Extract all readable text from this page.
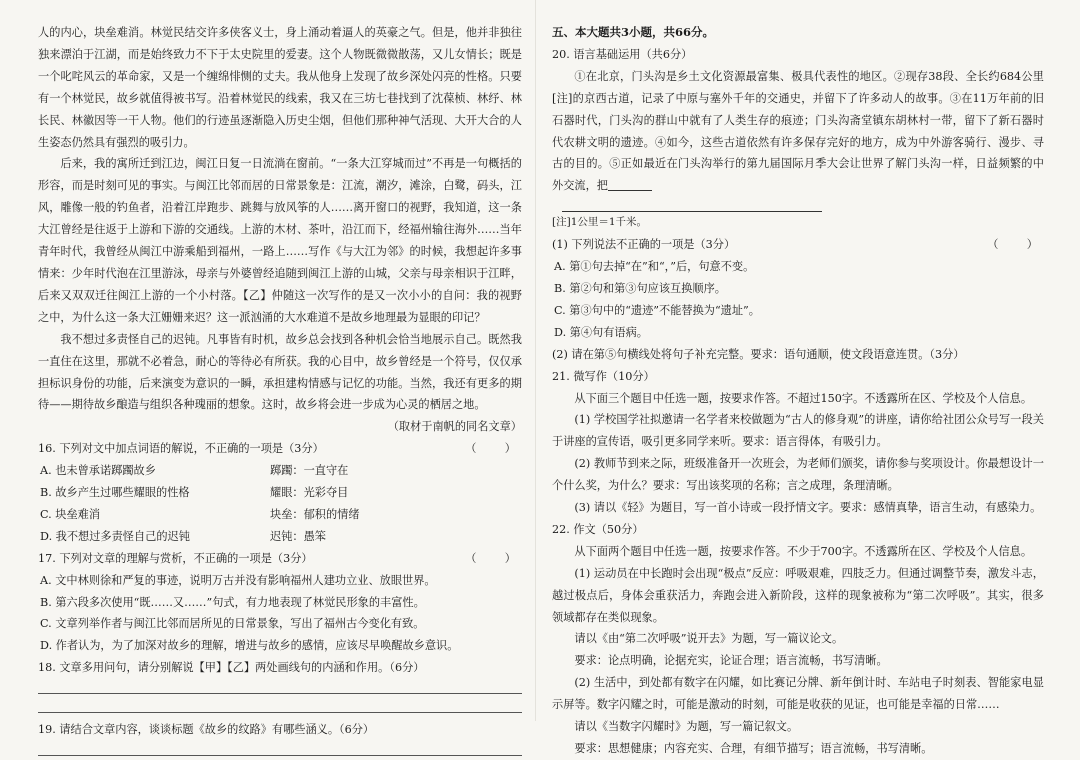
人的内心，块垒难消。林觉民结交许多侠客义士，身上涌动着逼人的英豪之气。但是，他并非独往独来漂泊于江湖，而是始终致力不下于太史院里的爱妻。这个人物既微微散荡，又儿女情长；既是一个叱咤风云的革命家，又是一个缠绵悱恻的丈夫。我从他身上发现了故乡深处闪亮的性格。只要有一个林觉民，故乡就值得被书写。沿着林觉民的线索，我又在三坊七巷找到了沈葆桢、林纾、林长民、林徽因等一干人物。他们的行迹虽逐渐隐入历史尘烟，但他们那种神气活现、大开大合的人生姿态仍然具有强烈的吸引力。

后来，我的寓所迁到江边，闽江日复一日流淌在窗前。“一条大江穿城而过”不再是一句概括的形容，而是时刻可见的事实。与闽江比邻而居的日常景象是：江流，潮汐，滩涂，白鹭，码头，江风，雕像一般的钓鱼者，沿着江岸跑步、跳舞与放风筝的人……离开窗口的视野，我知道，这一条大江曾经是往返于上游和下游的交通线。上游的木材、茶叶，沿江而下，经福州输往海外……当年青年时代，我曾经从闽江中游乘船到福州，一路上……写作《与大江为邻》的时候，我想起许多事情来：少年时代泡在江里游泳，母亲与外婆曾经追随到闽江上游的山城，父亲与母亲相识于江畔，后来又双双迁往闽江上游的一个小村落。【乙】仲随这一次写作的是又一次小小的自问：我的视野之中，为什么这一条大江姗姗来迟？这一派汹涌的大水难道不是故乡地理最为显眼的印记？

我不想过多责怪自己的迟钝。凡事皆有时机，故乡总会找到各种机会恰当地展示自己。既然我一直住在这里，那就不必着急，耐心的等待必有所获。我的心目中，故乡曾经是一个符号，仅仅承担标识身份的功能，后来演变为意识的一瞬，承担建构情感与记忆的功能。当然，我还有更多的期待——期待故乡酿造与组织各种瑰丽的想象。这时，故乡将会进一步成为心灵的栖居之地。

（取材于南帆的同名文章）

16. 下列对文中加点词语的解说，不正确的一项是（3分）	（　　）
A. 也未曾承诺踯躅故乡	踯躅：一直守在
B. 故乡产生过哪些耀眼的性格	耀眼：光彩夺目
C. 块垒难消	块垒：郁积的情绪
D. 我不想过多责怪自己的迟钝	迟钝：愚笨
17. 下列对文章的理解与赏析，不正确的一项是（3分）	（　　）

A. 文中林则徐和严复的事迹，说明万古并没有影响福州人建功立业、放眼世界。

B. 第六段多次使用“既……又……”句式，有力地表现了林觉民形象的丰富性。

C. 文章列举作者与闽江比邻而居所见的日常景象，写出了福州古今变化有致。

D. 作者认为，为了加深对故乡的理解，增进与故乡的感情，应该尽早唤醒故乡意识。

18. 文章多用问句，请分别解说【甲】【乙】两处画线句的内涵和作用。（6分）

19. 请结合文章内容，谈谈标题《故乡的纹路》有哪些涵义。（6分）

五、本大题共3小题，共66分。

20. 语言基础运用（共6分）

①在北京，门头沟是乡土文化资源最富集、极具代表性的地区。②现存38段、全长约684公里[注]的京西古道，记录了中原与塞外千年的交通史，并留下了许多动人的故事。③在11万年前的旧石器时代，门头沟的群山中就有了人类生存的痕迹；门头沟斋堂镇东胡林村一带，留下了新石器时代农耕文明的遗迹。④如今，这些古道依然有许多保存完好的地方，成为中外游客骑行、漫步、寻古的目的。⑤正如最近在门头沟举行的第九届国际月季大会让世界了解门头沟一样，日益频繁的中外交流，把

[注]1公里＝1千米。

(1) 下列说法不正确的一项是（3分）	（　　）

A. 第①句去掉“在”和“，”后，句意不变。

B. 第②句和第③句应该互换顺序。

C. 第③句中的“遗迹”不能替换为“遗址”。

D. 第④句有语病。

(2) 请在第⑤句横线处将句子补充完整。要求：语句通顺，使文段语意连贯。（3分）

21. 微写作（10分）

从下面三个题目中任选一题，按要求作答。不超过150字。不透露所在区、学校及个人信息。

(1) 学校国学社拟邀请一名学者来校做题为“古人的修身观”的讲座，请你给社团公众号写一段关于讲座的宣传语，吸引更多同学来听。要求：语言得体，有吸引力。

(2) 教师节到来之际，班级准备开一次班会，为老师们颁奖，请你参与奖项设计。你最想设计一个什么奖，为什么？要求：写出该奖项的名称；言之成理，条理清晰。

(3) 请以《轻》为题目，写一首小诗或一段抒情文字。要求：感情真挚，语言生动，有感染力。

22. 作文（50分）

从下面两个题目中任选一题，按要求作答。不少于700字。不透露所在区、学校及个人信息。

(1) 运动员在中长跑时会出现“极点”反应：呼吸艰难，四肢乏力。但通过调整节奏，激发斗志，越过极点后，身体会重获活力，奔跑会进入新阶段，这样的现象被称为“第二次呼吸”。其实，很多领域都存在类似现象。

请以《由“第二次呼吸”说开去》为题，写一篇议论文。

要求：论点明确，论据充实，论证合理；语言流畅，书写清晰。

(2) 生活中，到处都有数字在闪耀，如比赛记分牌、新年倒计时、车站电子时刻表、智能家电显示屏等。数字闪耀之时，可能是激动的时刻，可能是收获的见证，也可能是幸福的日常……

请以《当数字闪耀时》为题，写一篇记叙文。

要求：思想健康；内容充实、合理，有细节描写；语言流畅，书写清晰。
